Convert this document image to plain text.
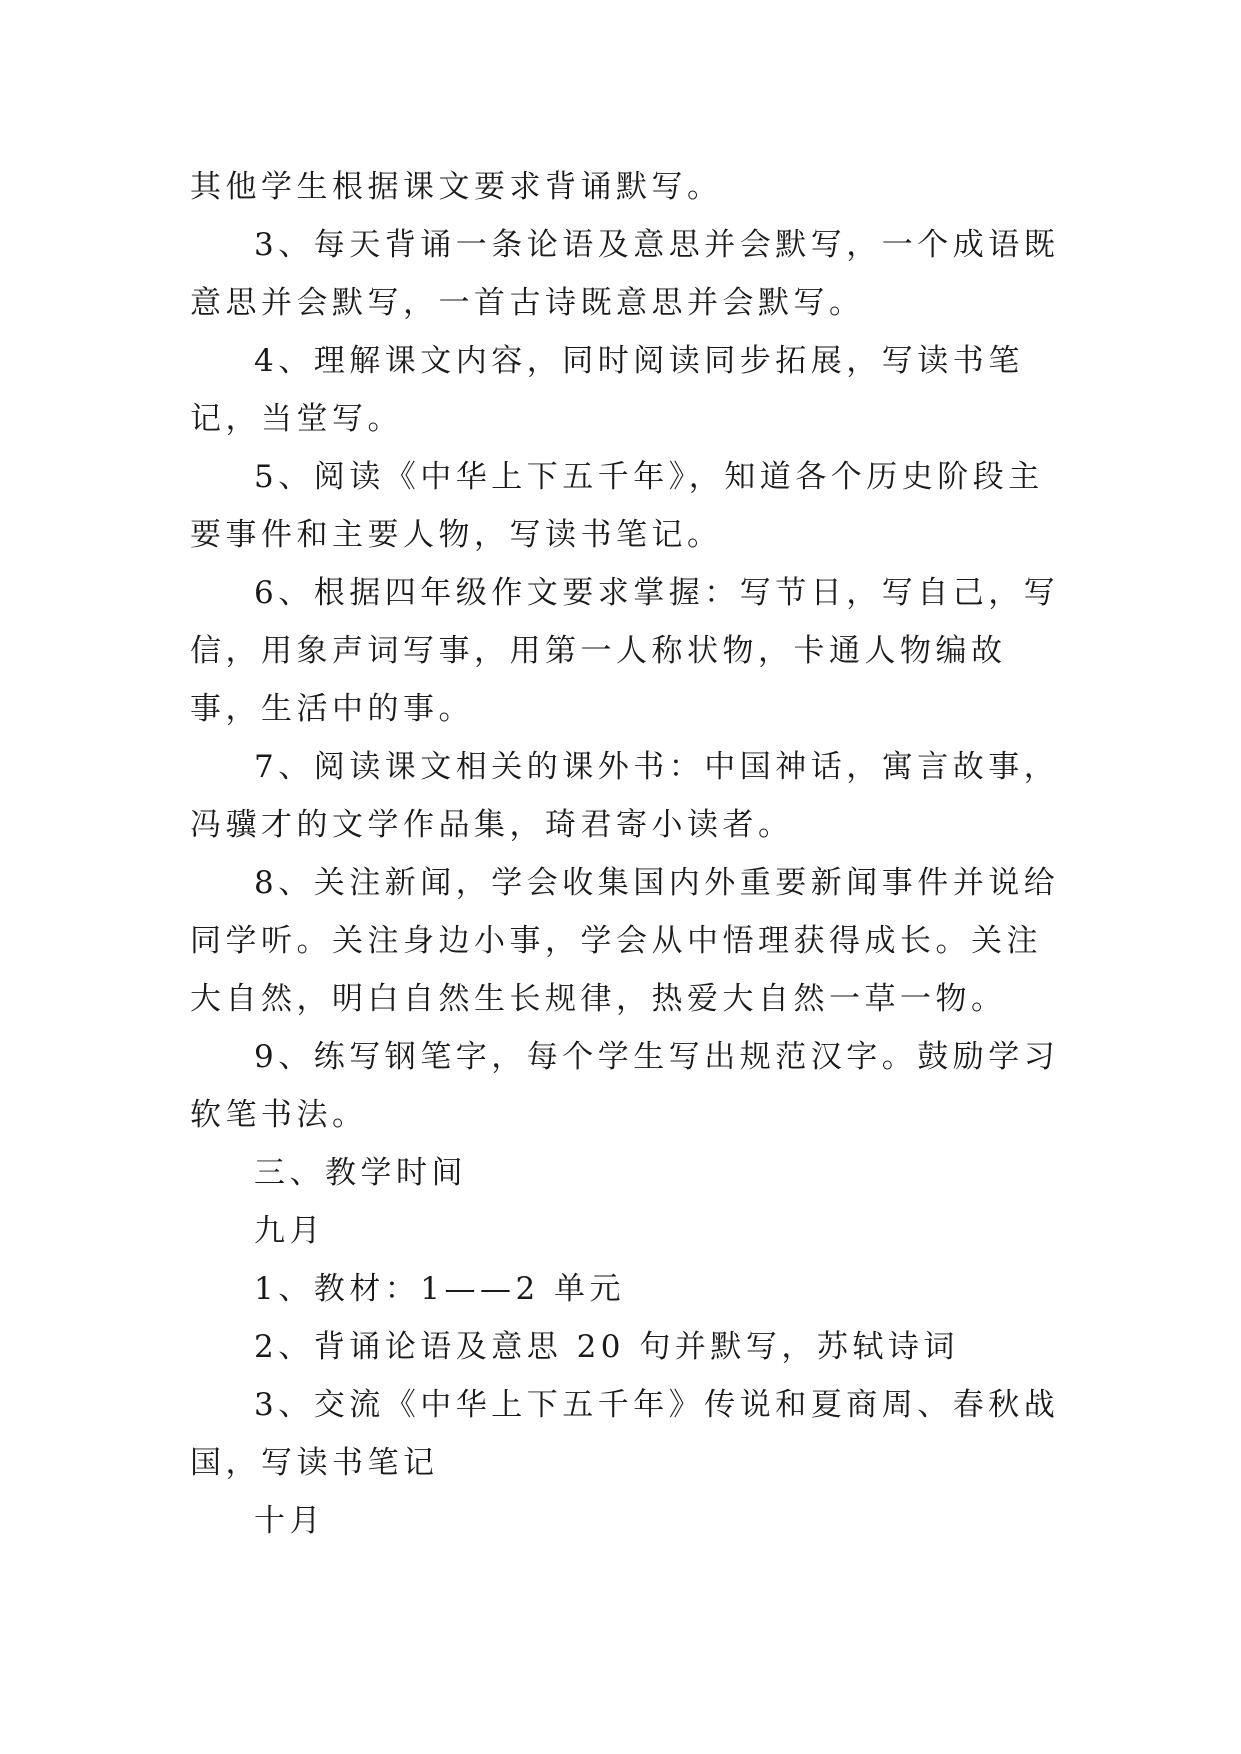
其他学生根据课文要求背诵默写。

3、每天背诵一条论语及意思并会默写，一个成语既意思并会默写，一首古诗既意思并会默写。

4、理解课文内容，同时阅读同步拓展，写读书笔记，当堂写。

5、阅读《中华上下五千年》，知道各个历史阶段主要事件和主要人物，写读书笔记。

6、根据四年级作文要求掌握：写节日，写自己，写信，用象声词写事，用第一人称状物，卡通人物编故事，生活中的事。

7、阅读课文相关的课外书：中国神话，寓言故事，冯骥才的文学作品集，琦君寄小读者。

8、关注新闻，学会收集国内外重要新闻事件并说给同学听。关注身边小事，学会从中悟理获得成长。关注大自然，明白自然生长规律，热爱大自然一草一物。

9、练写钢笔字，每个学生写出规范汉字。鼓励学习软笔书法。

三、教学时间

九月

1、教材：1——2 单元

2、背诵论语及意思 20 句并默写，苏轼诗词

3、交流《中华上下五千年》传说和夏商周、春秋战国，写读书笔记

十月
